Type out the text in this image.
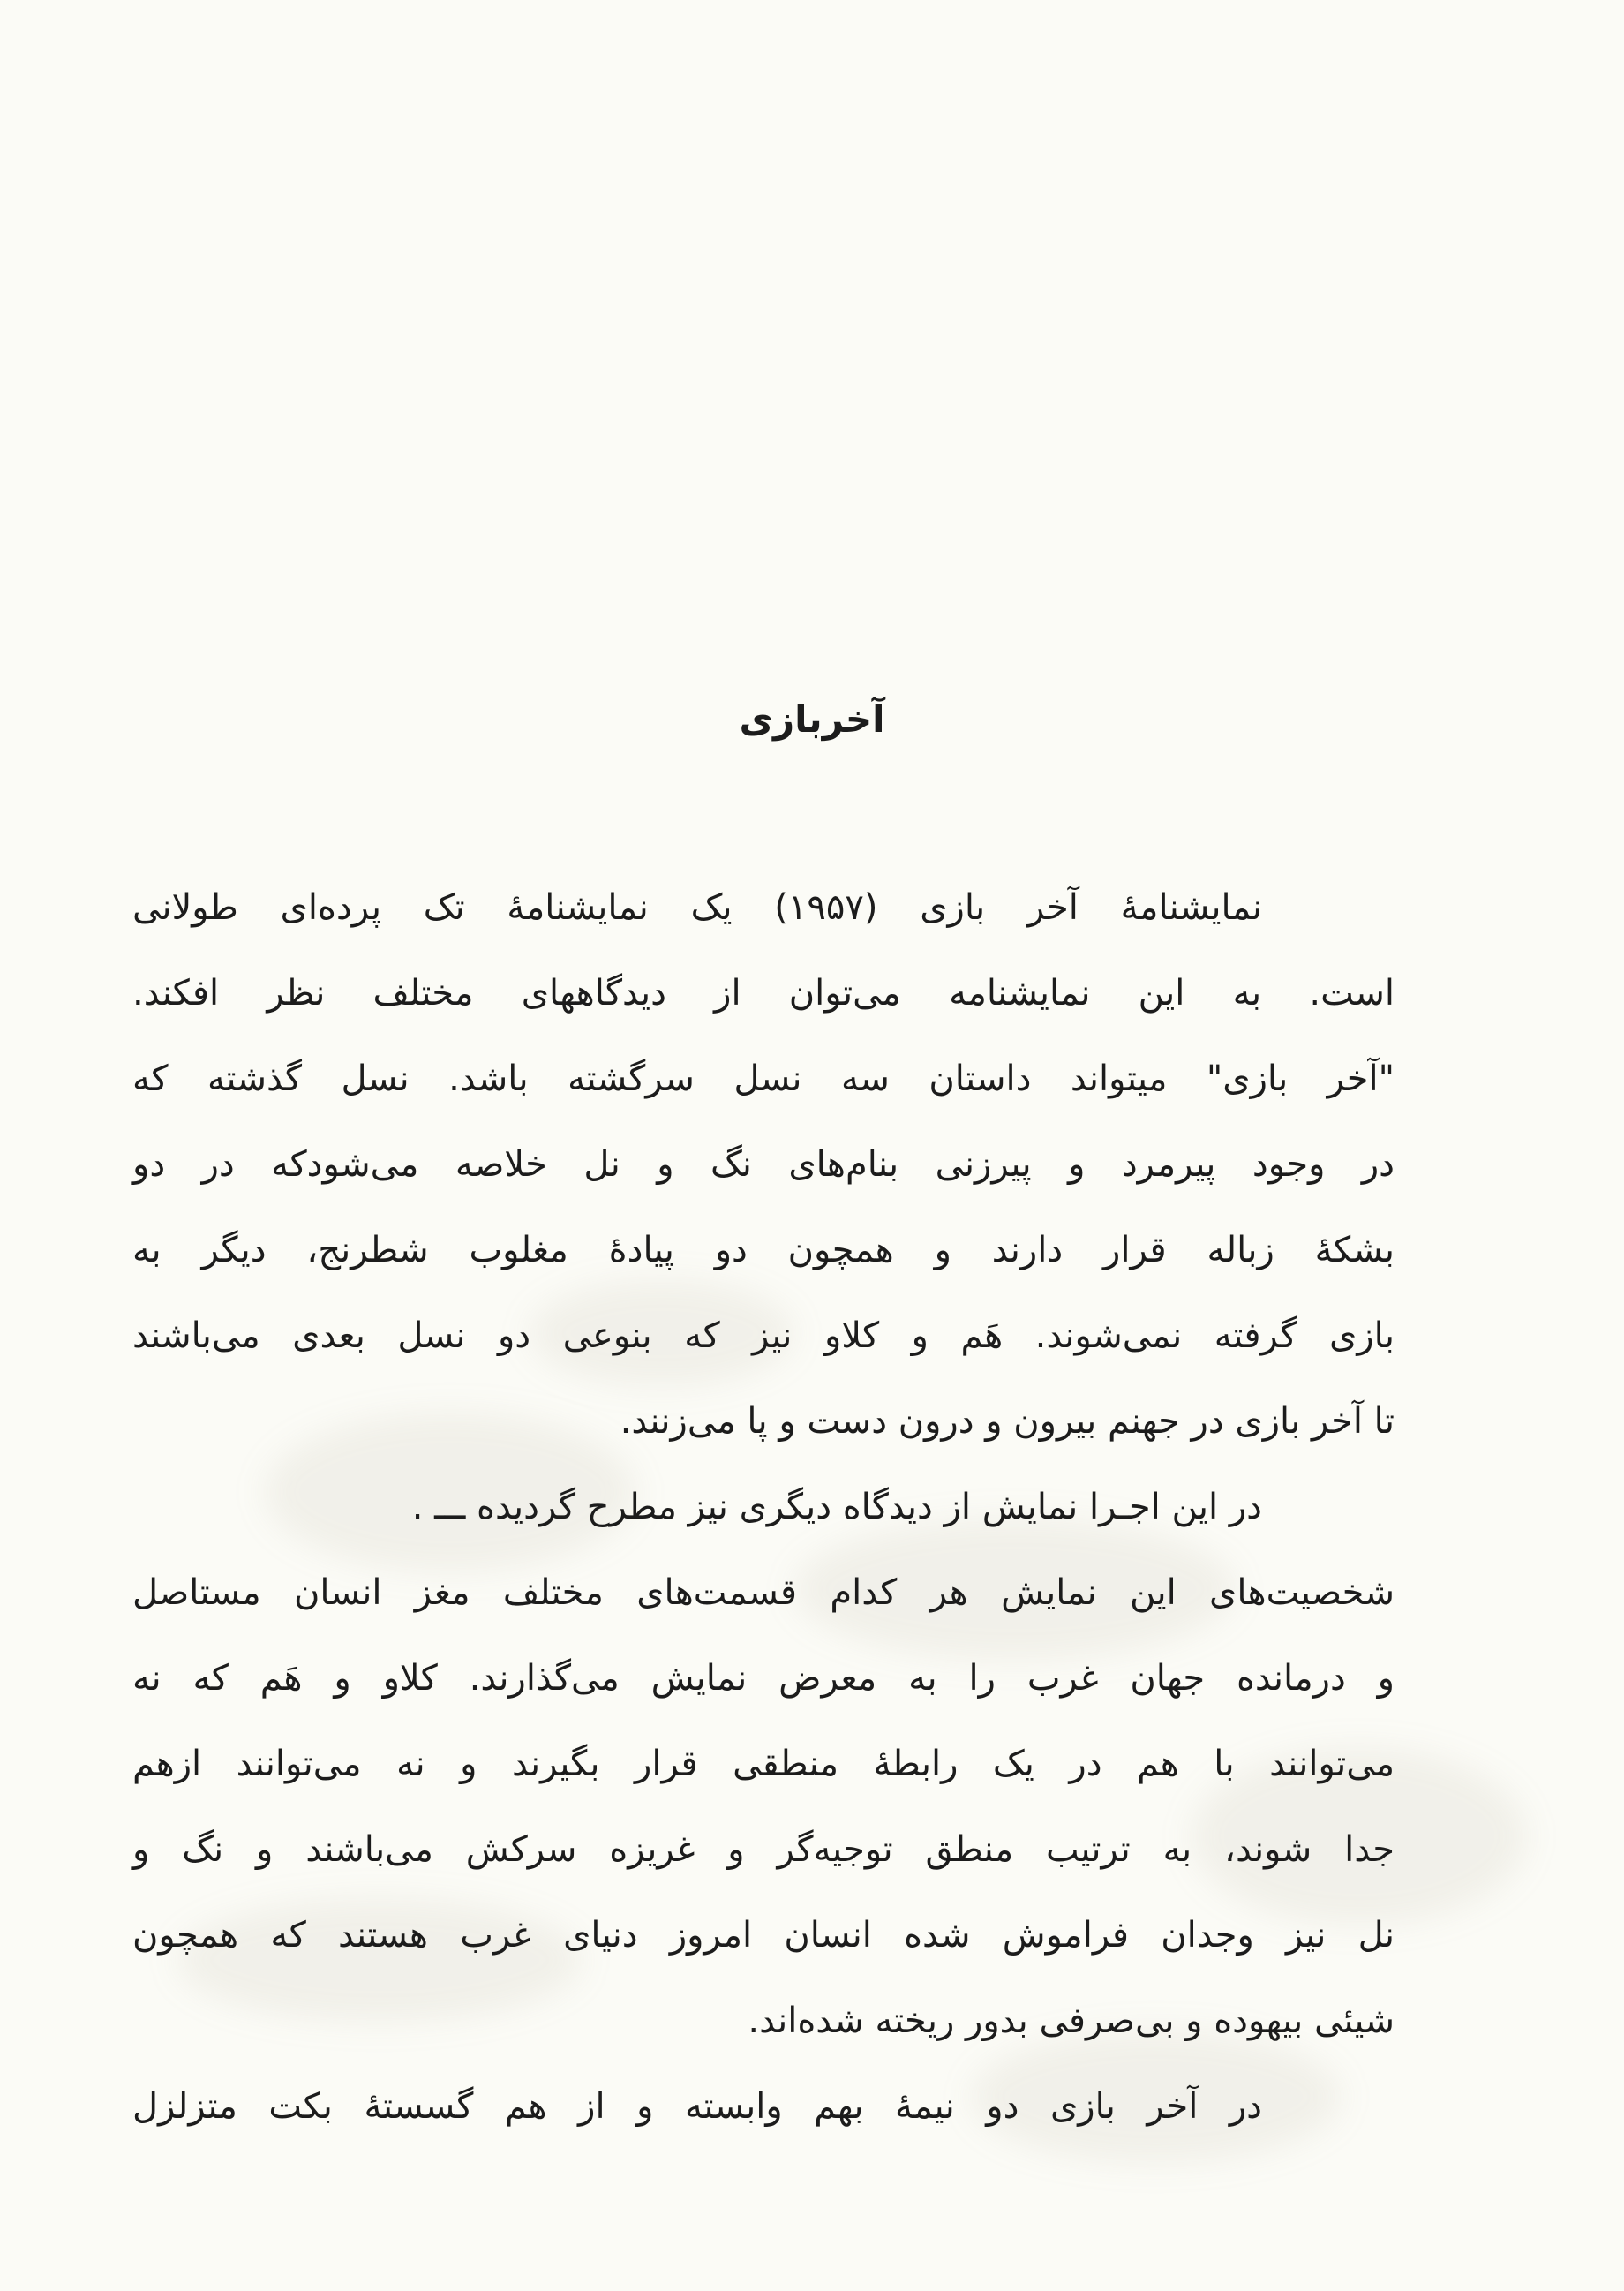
آخربازی
نمایشنامهٔ آخر بازی (۱۹۵۷) یک نمایشنامهٔ تک پرده‌ای طولانی
است. به این نمایشنامه می‌توان از دیدگاههای مختلف نظر افکند.
"آخر بازی" میتواند داستان سه نسل سرگشته باشد. نسل گذشته که
در وجود پیرمرد و پیرزنی بنام‌های نگ و نل خلاصه می‌شودکه در دو
بشکهٔ زباله قرار دارند و همچون دو پیادهٔ مغلوب شطرنج، دیگر به
بازی گرفته نمی‌شوند. هَم و کلاو نیز که بنوعی دو نسل بعدی می‌باشند
تا آخر بازی در جهنم بیرون و درون دست و پا می‌زنند.
در این اجـرا نمایش از دیدگاه دیگری نیز مطرح گردیده ـــ .
شخصیت‌های این نمایش هر کدام قسمت‌های مختلف مغز انسان مستاصل
و درمانده جهان غرب را به معرض نمایش می‌گذارند. کلاو و هَم که نه
می‌توانند با هم در یک رابطهٔ منطقی قرار بگیرند و نه می‌توانند ازهم
جدا شوند، به ترتیب منطق توجیه‌گر و غریزه سرکش می‌باشند و نگ و
نل نیز وجدان فراموش شده انسان امروز دنیای غرب هستند که همچون
شیئی بیهوده و بی‌صرفی بدور ریخته شده‌اند.
در آخر بازی دو نیمهٔ بهم وابسته و از هم گسستهٔ بکت متزلزل
